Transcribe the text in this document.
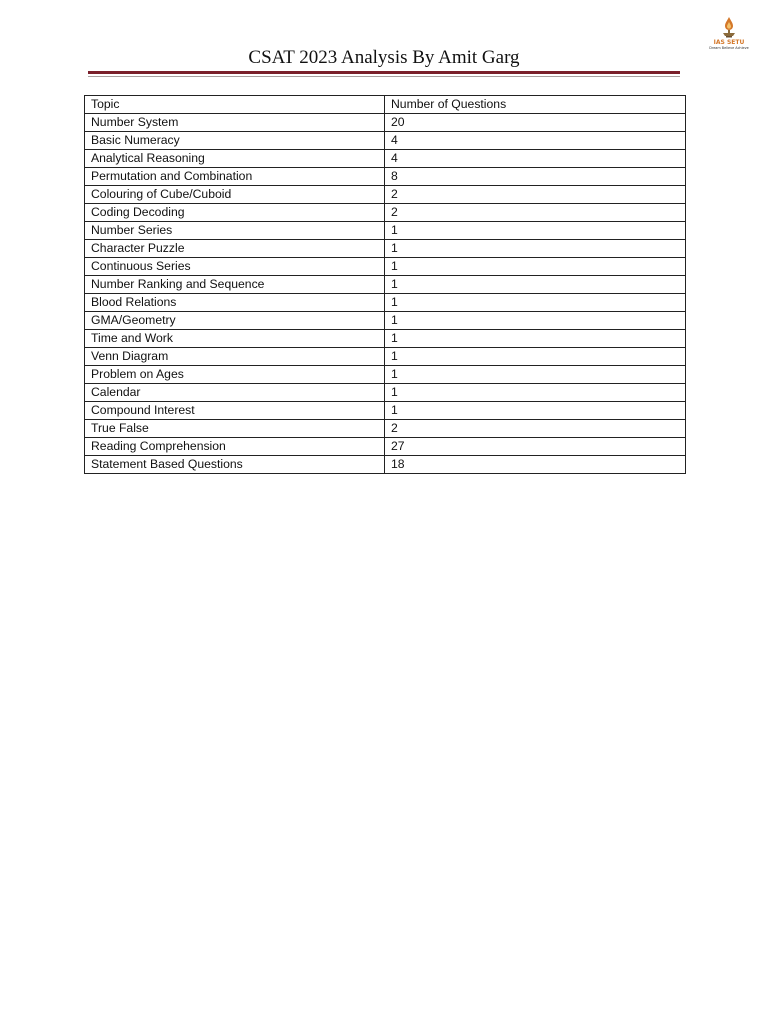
CSAT 2023 Analysis By Amit Garg
IAS SETU
Dream Believe Achieve
Topic	Number of Questions
Number System	20
Basic Numeracy	4
Analytical Reasoning	4
Permutation and Combination	8
Colouring of Cube/Cuboid	2
Coding Decoding	2
Number Series	1
Character Puzzle	1
Continuous Series	1
Number Ranking and Sequence	1
Blood Relations	1
GMA/Geometry	1
Time and Work	1
Venn Diagram	1
Problem on Ages	1
Calendar	1
Compound Interest	1
True False	2
Reading Comprehension	27
Statement Based Questions	18
